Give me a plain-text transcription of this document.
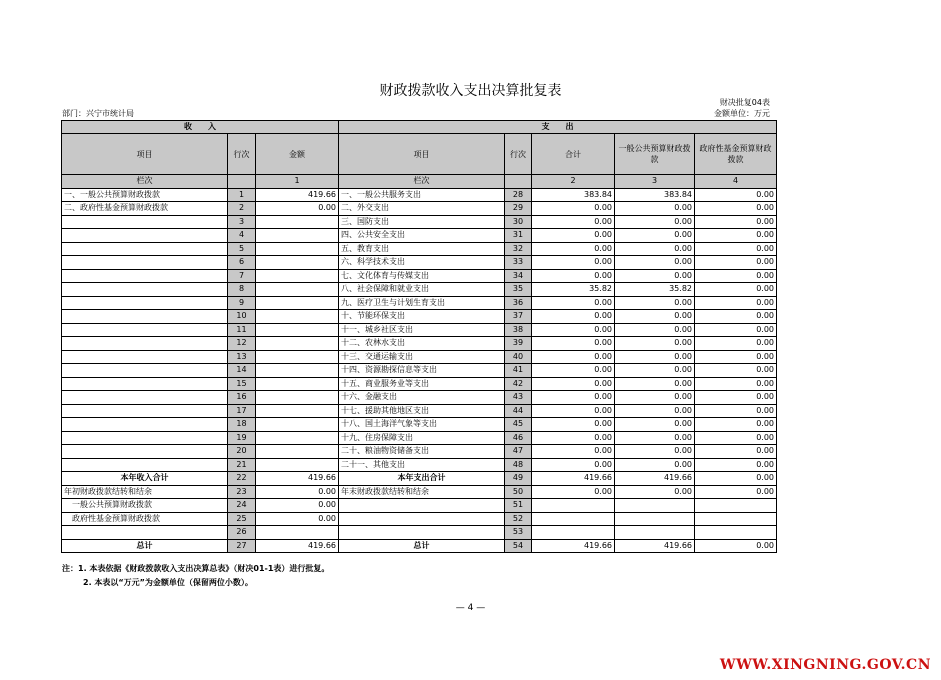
财政拨款收入支出决算批复表
财决批复04表
部门：兴宁市统计局	金额单位：万元
收　　入			支　　出				
项目	行次	金额	项目	行次	合计	一般公共预算财政拨款	政府性基金预算财政拨款
栏次		1	栏次		2	3	4
一、一般公共预算财政拨款	1	419.66	一、一般公共服务支出	28	383.84	383.84	0.00
二、政府性基金预算财政拨款	2	0.00	二、外交支出	29	0.00	0.00	0.00
	3		三、国防支出	30	0.00	0.00	0.00
	4		四、公共安全支出	31	0.00	0.00	0.00
	5		五、教育支出	32	0.00	0.00	0.00
	6		六、科学技术支出	33	0.00	0.00	0.00
	7		七、文化体育与传媒支出	34	0.00	0.00	0.00
	8		八、社会保障和就业支出	35	35.82	35.82	0.00
	9		九、医疗卫生与计划生育支出	36	0.00	0.00	0.00
	10		十、节能环保支出	37	0.00	0.00	0.00
	11		十一、城乡社区支出	38	0.00	0.00	0.00
	12		十二、农林水支出	39	0.00	0.00	0.00
	13		十三、交通运输支出	40	0.00	0.00	0.00
	14		十四、资源勘探信息等支出	41	0.00	0.00	0.00
	15		十五、商业服务业等支出	42	0.00	0.00	0.00
	16		十六、金融支出	43	0.00	0.00	0.00
	17		十七、援助其他地区支出	44	0.00	0.00	0.00
	18		十八、国土海洋气象等支出	45	0.00	0.00	0.00
	19		十九、住房保障支出	46	0.00	0.00	0.00
	20		二十、粮油物资储备支出	47	0.00	0.00	0.00
	21		二十一、其他支出	48	0.00	0.00	0.00
本年收入合计	22	419.66	本年支出合计	49	419.66	419.66	0.00
年初财政拨款结转和结余	23	0.00	年末财政拨款结转和结余	50	0.00	0.00	0.00
一般公共预算财政拨款	24	0.00		51			
政府性基金预算财政拨款	25	0.00		52			
	26			53			
总计	27	419.66	总计	54	419.66	419.66	0.00
注：1. 本表依据《财政拨款收入支出决算总表》（财决01-1表）进行批复。
2. 本表以“万元”为金额单位（保留两位小数）。
— 4 —
WWW.XINGNING.GOV.CN
